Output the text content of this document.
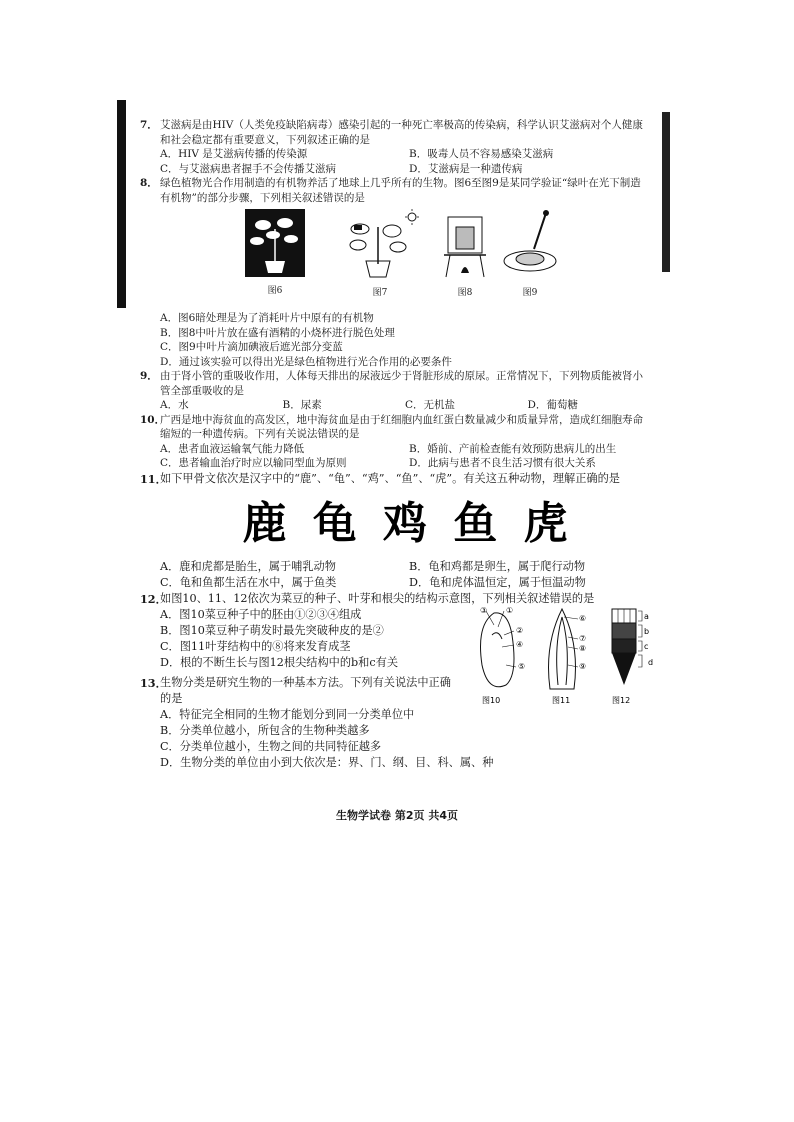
7． 艾滋病是由HIV（人类免疫缺陷病毒）感染引起的一种死亡率极高的传染病，科学认识艾滋病对个人健康和社会稳定都有重要意义，下列叙述正确的是

A．HIV 是艾滋病传播的传染源	B．吸毒人员不容易感染艾滋病
C．与艾滋病患者握手不会传播艾滋病	D．艾滋病是一种遗传病
8． 绿色植物光合作用制造的有机物养活了地球上几乎所有的生物。图6至图9是某同学验证“绿叶在光下制造有机物”的部分步骤，下列相关叙述错误的是

图6	图7	图8	图9

A．图6暗处理是为了消耗叶片中原有的有机物

B．图8中叶片放在盛有酒精的小烧杯进行脱色处理

C．图9中叶片滴加碘液后遮光部分变蓝

D．通过该实验可以得出光是绿色植物进行光合作用的必要条件

9． 由于肾小管的重吸收作用，人体每天排出的尿液远少于肾脏形成的原尿。正常情况下，下列物质能被肾小管全部重吸收的是

A．水	B．尿素	C．无机盐	D．葡萄糖
10．

广西是地中海贫血的高发区，地中海贫血是由于红细胞内血红蛋白数量减少和质量异常，造成红细胞寿命缩短的一种遗传病。下列有关说法错误的是

A．患者血液运输氧气能力降低	B．婚前、产前检查能有效预防患病儿的出生
C．患者输血治疗时应以输同型血为原则	D．此病与患者不良生活习惯有很大关系
11．

如下甲骨文依次是汉字中的“鹿”、“龟”、“鸡”、“鱼”、“虎”。有关这五种动物，理解正确的是

鹿 龟 鸡 鱼 虎
A．鹿和虎都是胎生，属于哺乳动物	B．龟和鸡都是卵生，属于爬行动物
C．龟和鱼都生活在水中，属于鱼类	D．龟和虎体温恒定，属于恒温动物
12．

如图10、11、12依次为菜豆的种子、叶芽和根尖的结构示意图，下列相关叙述错误的是

A．图10菜豆种子中的胚由①②③④组成

B．图10菜豆种子萌发时最先突破种皮的是②

C．图11叶芽结构中的⑧将来发育成茎

D．根的不断生长与图12根尖结构中的b和c有关

③ ①
②
④
⑤
图10
⑥
⑦
⑧
⑨
图11
a
b
c
d
图12
13．

生物分类是研究生物的一种基本方法。下列有关说法中正确的是

A．特征完全相同的生物才能划分到同一分类单位中

B．分类单位越小，所包含的生物种类越多

C．分类单位越小，生物之间的共同特征越多

D．生物分类的单位由小到大依次是：界、门、纲、目、科、属、种

生物学试卷 第2页 共4页
